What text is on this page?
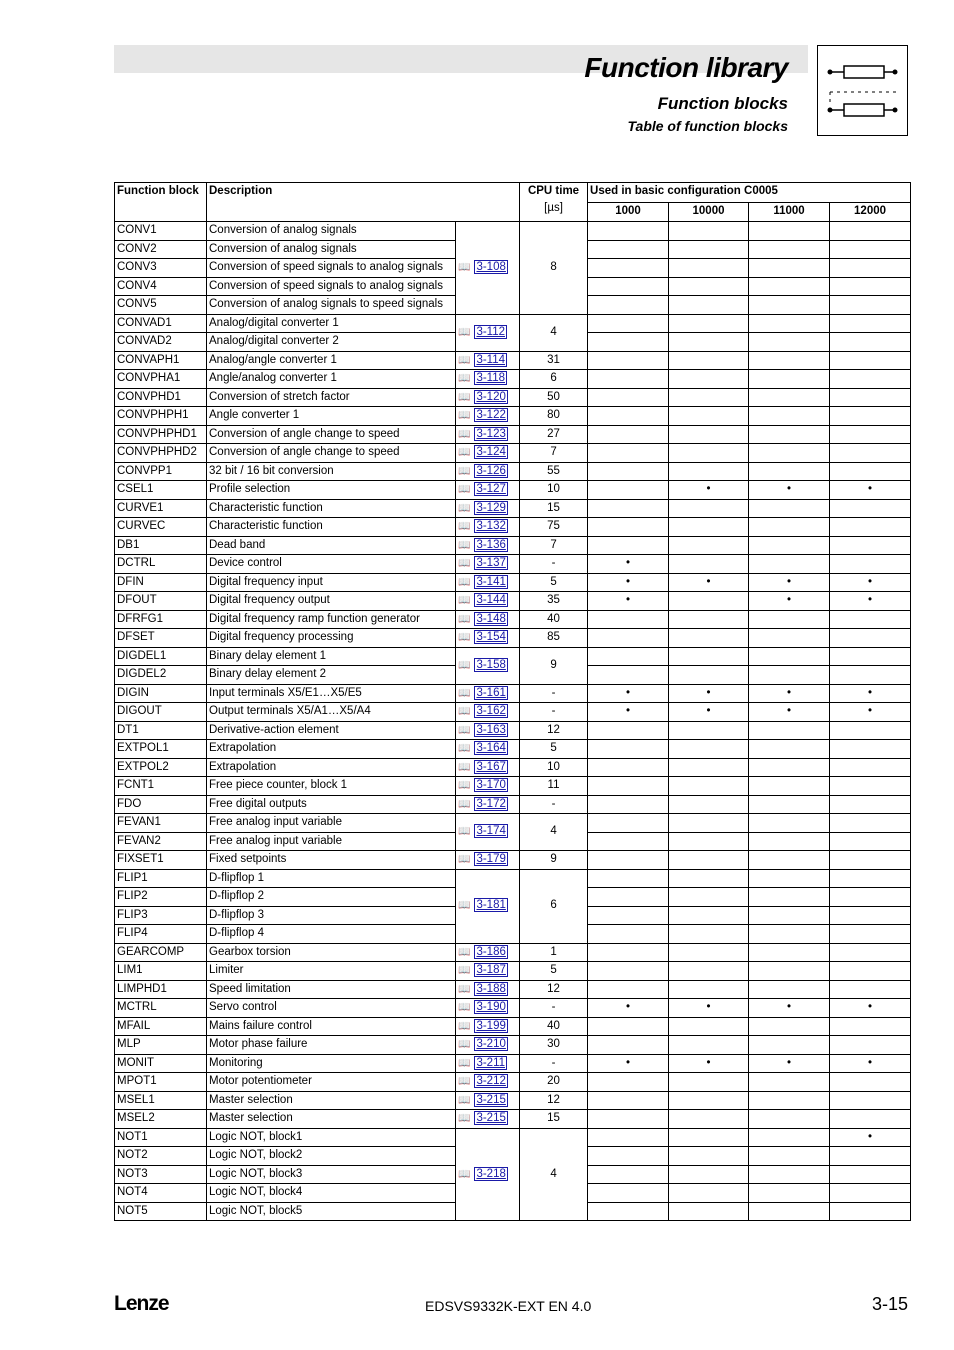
Function library
Function blocks
Table of function blocks
Function block	Description		CPU time
[µs]	Used in basic configuration C0005			
				1000	10000	11000	12000
CONV1	Conversion of analog signals	📖 3-108	8				
CONV2	Conversion of analog signals						
CONV3	Conversion of speed signals to analog signals						
CONV4	Conversion of speed signals to analog signals						
CONV5	Conversion of analog signals to speed signals						
CONVAD1	Analog/digital converter 1	📖 3-112	4				
CONVAD2	Analog/digital converter 2						
CONVAPH1	Analog/angle converter 1	📖 3-114	31				
CONVPHA1	Angle/analog converter 1	📖 3-118	6				
CONVPHD1	Conversion of stretch factor	📖 3-120	50				
CONVPHPH1	Angle converter 1	📖 3-122	80				
CONVPHPHD1	Conversion of angle change to speed	📖 3-123	27				
CONVPHPHD2	Conversion of angle change to speed	📖 3-124	7				
CONVPP1	32 bit / 16 bit conversion	📖 3-126	55				
CSEL1	Profile selection	📖 3-127	10		•	•	•
CURVE1	Characteristic function	📖 3-129	15				
CURVEC	Characteristic function	📖 3-132	75				
DB1	Dead band	📖 3-136	7				
DCTRL	Device control	📖 3-137	-	•			
DFIN	Digital frequency input	📖 3-141	5	•	•	•	•
DFOUT	Digital frequency output	📖 3-144	35	•		•	•
DFRFG1	Digital frequency ramp function generator	📖 3-148	40				
DFSET	Digital frequency processing	📖 3-154	85				
DIGDEL1	Binary delay element 1	📖 3-158	9				
DIGDEL2	Binary delay element 2						
DIGIN	Input terminals X5/E1…X5/E5	📖 3-161	-	•	•	•	•
DIGOUT	Output terminals X5/A1…X5/A4	📖 3-162	-	•	•	•	•
DT1	Derivative-action element	📖 3-163	12				
EXTPOL1	Extrapolation	📖 3-164	5				
EXTPOL2	Extrapolation	📖 3-167	10				
FCNT1	Free piece counter, block 1	📖 3-170	11				
FDO	Free digital outputs	📖 3-172	-				
FEVAN1	Free analog input variable	📖 3-174	4				
FEVAN2	Free analog input variable						
FIXSET1	Fixed setpoints	📖 3-179	9				
FLIP1	D-flipflop 1	📖 3-181	6				
FLIP2	D-flipflop 2						
FLIP3	D-flipflop 3						
FLIP4	D-flipflop 4						
GEARCOMP	Gearbox torsion	📖 3-186	1				
LIM1	Limiter	📖 3-187	5				
LIMPHD1	Speed limitation	📖 3-188	12				
MCTRL	Servo control	📖 3-190	-	•	•	•	•
MFAIL	Mains failure control	📖 3-199	40				
MLP	Motor phase failure	📖 3-210	30				
MONIT	Monitoring	📖 3-211	-	•	•	•	•
MPOT1	Motor potentiometer	📖 3-212	20				
MSEL1	Master selection	📖 3-215	12				
MSEL2	Master selection	📖 3-215	15				
NOT1	Logic NOT, block1	📖 3-218	4				•
NOT2	Logic NOT, block2						
NOT3	Logic NOT, block3						
NOT4	Logic NOT, block4						
NOT5	Logic NOT, block5						
Lenze	EDSVS9332K-EXT EN 4.0	3-15
